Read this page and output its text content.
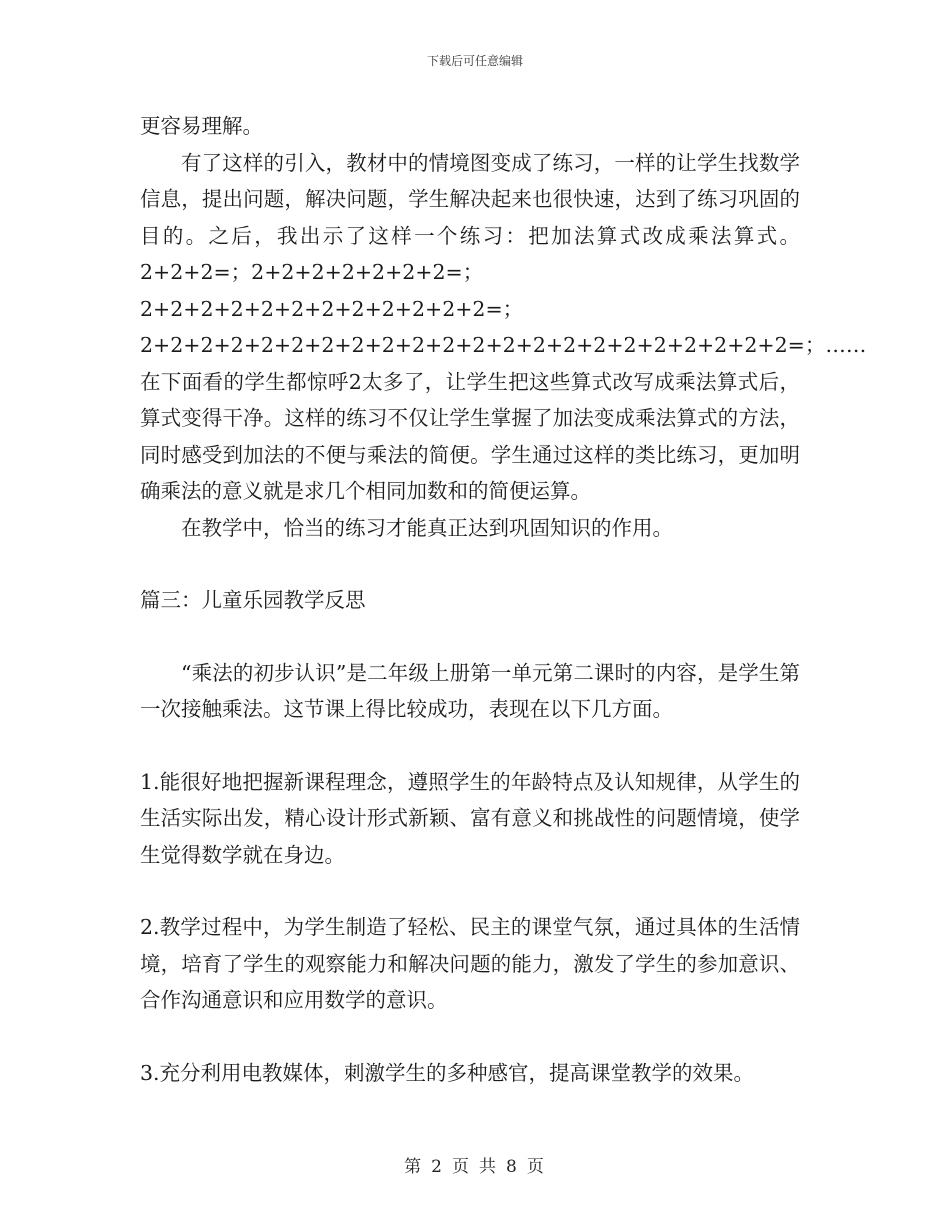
下载后可任意编辑

更容易理解。

有了这样的引入，教材中的情境图变成了练习，一样的让学生找数学信息，提出问题，解决问题，学生解决起来也很快速，达到了练习巩固的目的。之后，我出示了这样一个练习：把加法算式改成乘法算式。2+2+2=；2+2+2+2+2+2+2=；2+2+2+2+2+2+2+2+2+2+2+2=；2+2+2+2+2+2+2+2+2+2+2+2+2+2+2+2+2+2+2+2+2+2=；……在下面看的学生都惊呼2太多了，让学生把这些算式改写成乘法算式后，算式变得干净。这样的练习不仅让学生掌握了加法变成乘法算式的方法，同时感受到加法的不便与乘法的简便。学生通过这样的类比练习，更加明确乘法的意义就是求几个相同加数和的简便运算。

在教学中，恰当的练习才能真正达到巩固知识的作用。

篇三：儿童乐园教学反思

“乘法的初步认识”是二年级上册第一单元第二课时的内容，是学生第一次接触乘法。这节课上得比较成功，表现在以下几方面。

1.能很好地把握新课程理念，遵照学生的年龄特点及认知规律，从学生的生活实际出发，精心设计形式新颖、富有意义和挑战性的问题情境，使学生觉得数学就在身边。

2.教学过程中，为学生制造了轻松、民主的课堂气氛，通过具体的生活情境，培育了学生的观察能力和解决问题的能力，激发了学生的参加意识、合作沟通意识和应用数学的意识。

3.充分利用电教媒体，刺激学生的多种感官，提高课堂教学的效果。

第 2 页 共 8 页
